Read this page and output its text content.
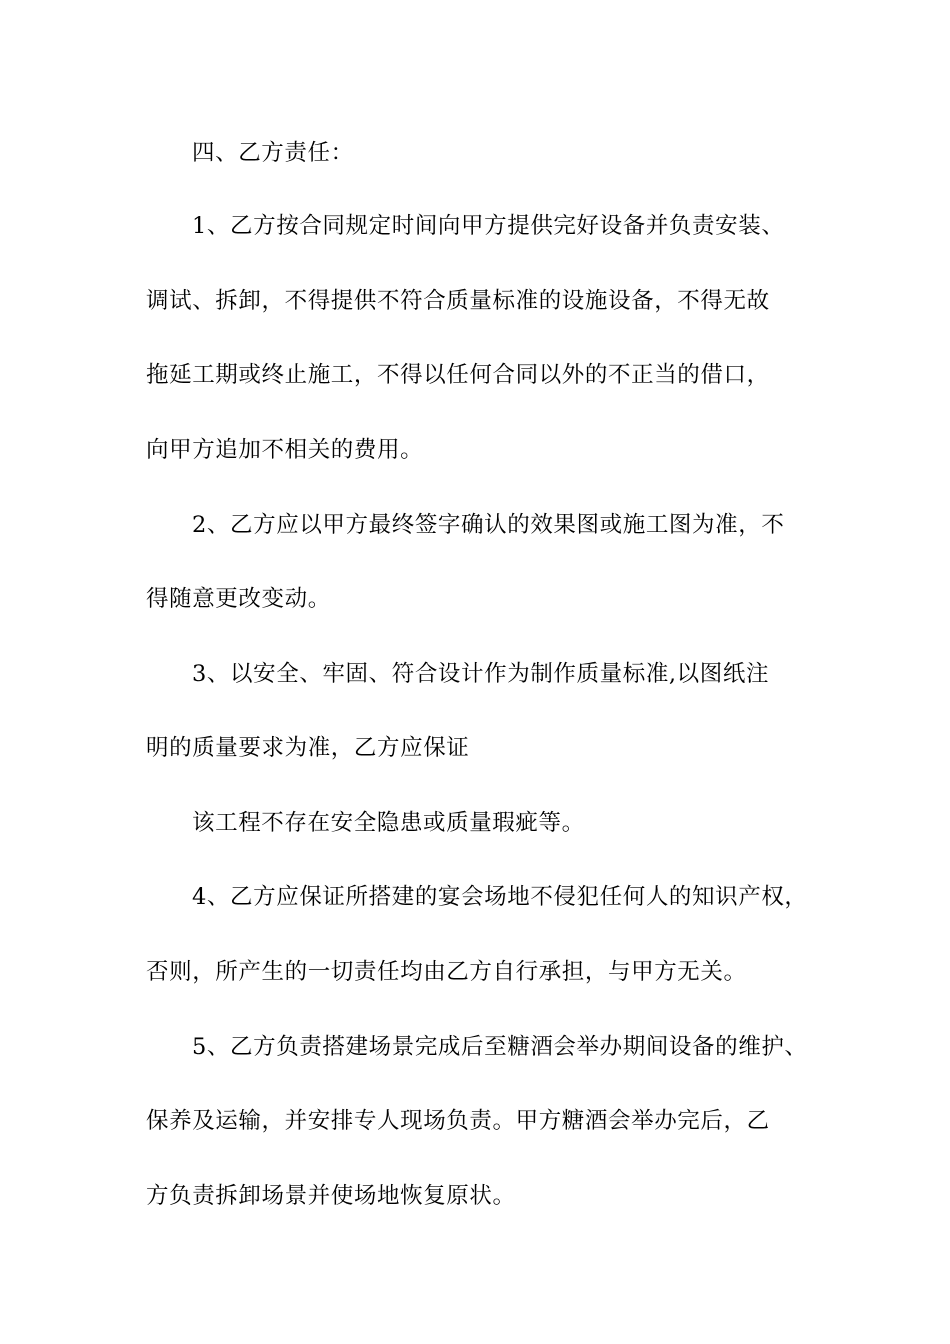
四、乙方责任：
1、乙方按合同规定时间向甲方提供完好设备并负责安装、
调试、拆卸，不得提供不符合质量标准的设施设备，不得无故
拖延工期或终止施工，不得以任何合同以外的不正当的借口，
向甲方追加不相关的费用。
2、乙方应以甲方最终签字确认的效果图或施工图为准，不
得随意更改变动。
3、以安全、牢固、符合设计作为制作质量标准,以图纸注
明的质量要求为准，乙方应保证
该工程不存在安全隐患或质量瑕疵等。
4、乙方应保证所搭建的宴会场地不侵犯任何人的知识产权，
否则，所产生的一切责任均由乙方自行承担，与甲方无关。
5、乙方负责搭建场景完成后至糖酒会举办期间设备的维护、
保养及运输，并安排专人现场负责。甲方糖酒会举办完后，乙
方负责拆卸场景并使场地恢复原状。
